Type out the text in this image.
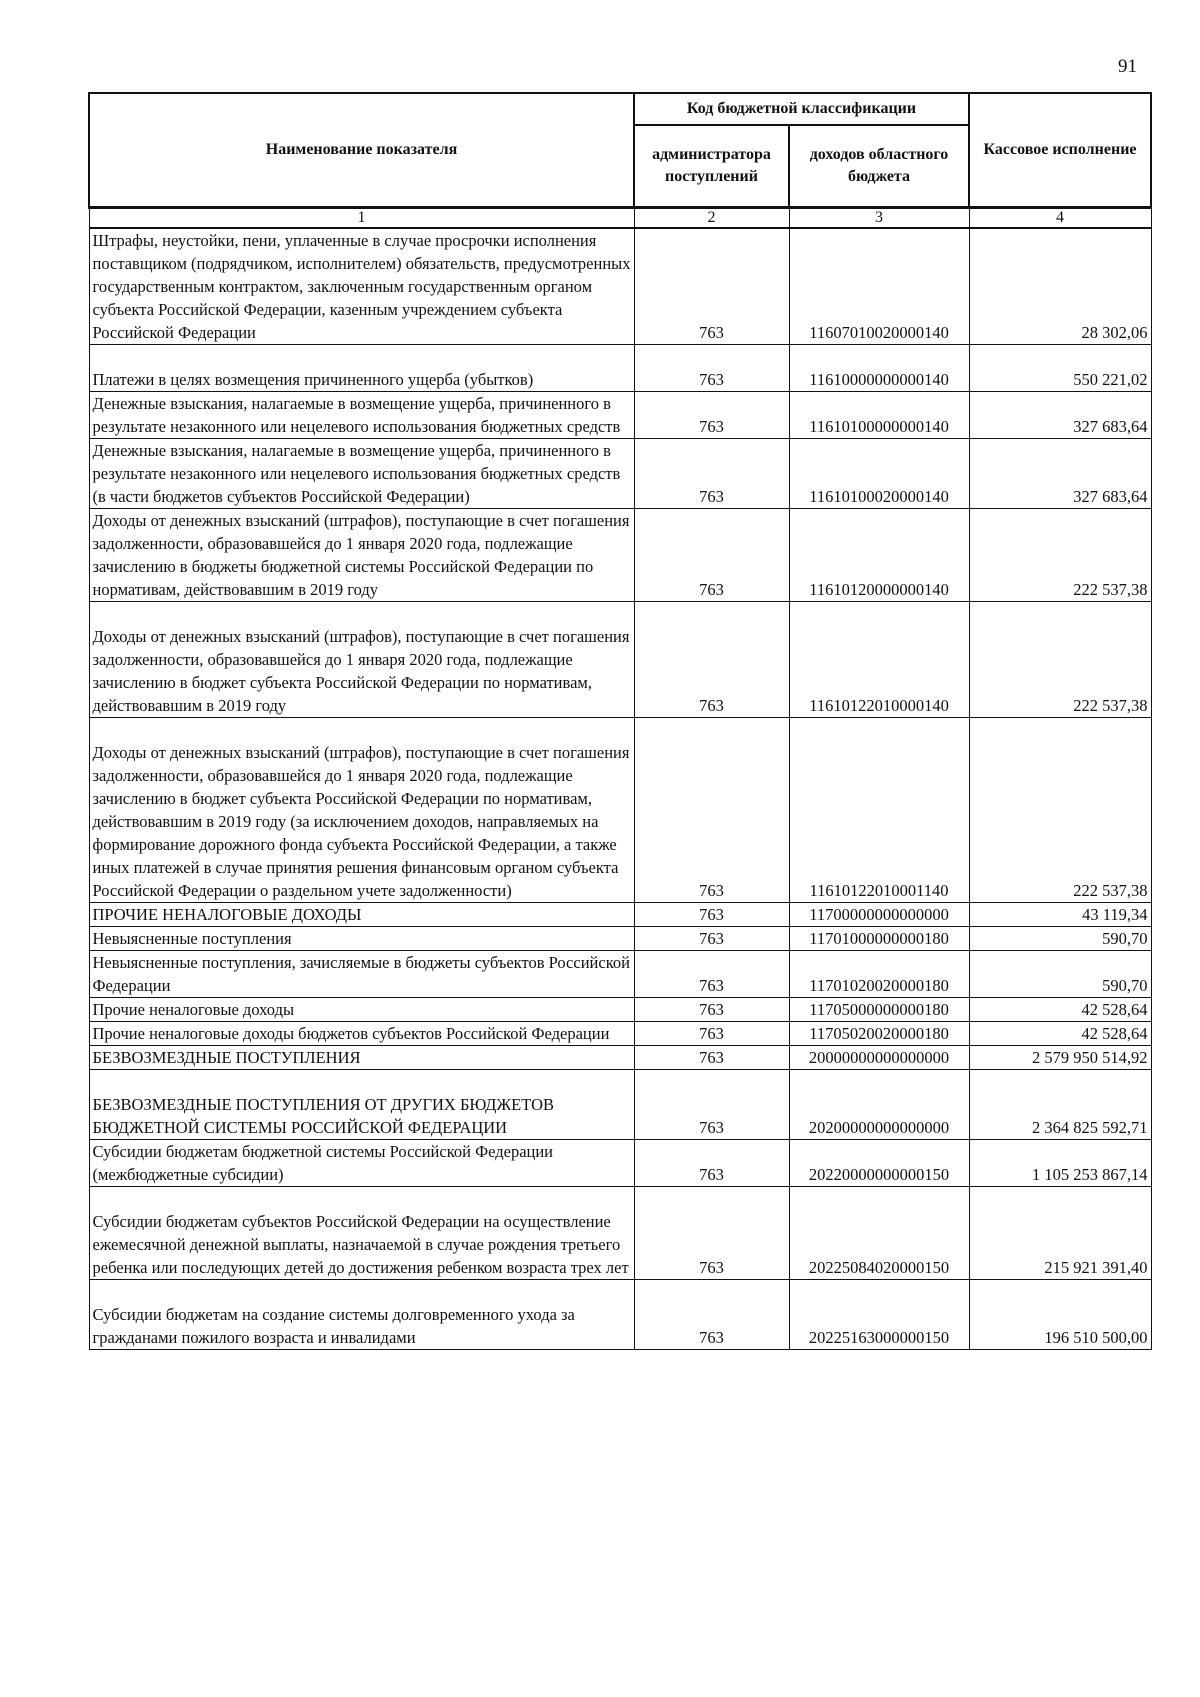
91
Наименование показателя	Код бюджетной классификации		Кассовое исполнение
	администратора поступлений	доходов областного бюджета	
1	2	3	4
Штрафы, неустойки, пени, уплаченные в случае просрочки исполнения поставщиком (подрядчиком, исполнителем) обязательств, предусмотренных государственным контрактом, заключенным государственным органом субъекта Российской Федерации, казенным учреждением субъекта Российской Федерации	763	11607010020000140	28 302,06
Платежи в целях возмещения причиненного ущерба (убытков)	763	11610000000000140	550 221,02
Денежные взыскания, налагаемые в возмещение ущерба, причиненного в результате незаконного или нецелевого использования бюджетных средств	763	11610100000000140	327 683,64
Денежные взыскания, налагаемые в возмещение ущерба, причиненного в результате незаконного или нецелевого использования бюджетных средств (в части бюджетов субъектов Российской Федерации)	763	11610100020000140	327 683,64
Доходы от денежных взысканий (штрафов), поступающие в счет погашения задолженности, образовавшейся до 1 января 2020 года, подлежащие зачислению в бюджеты бюджетной системы Российской Федерации по нормативам, действовавшим в 2019 году	763	11610120000000140	222 537,38
Доходы от денежных взысканий (штрафов), поступающие в счет погашения задолженности, образовавшейся до 1 января 2020 года, подлежащие зачислению в бюджет субъекта Российской Федерации по нормативам, действовавшим в 2019 году	763	11610122010000140	222 537,38
Доходы от денежных взысканий (штрафов), поступающие в счет погашения задолженности, образовавшейся до 1 января 2020 года, подлежащие зачислению в бюджет субъекта Российской Федерации по нормативам, действовавшим в 2019 году (за исключением доходов, направляемых на формирование дорожного фонда субъекта Российской Федерации, а также иных платежей в случае принятия решения финансовым органом субъекта Российской Федерации о раздельном учете задолженности)	763	11610122010001140	222 537,38
ПРОЧИЕ НЕНАЛОГОВЫЕ ДОХОДЫ	763	11700000000000000	43 119,34
Невыясненные поступления	763	11701000000000180	590,70
Невыясненные поступления, зачисляемые в бюджеты субъектов Российской Федерации	763	11701020020000180	590,70
Прочие неналоговые доходы	763	11705000000000180	42 528,64
Прочие неналоговые доходы бюджетов субъектов Российской Федерации	763	11705020020000180	42 528,64
БЕЗВОЗМЕЗДНЫЕ ПОСТУПЛЕНИЯ	763	20000000000000000	2 579 950 514,92
БЕЗВОЗМЕЗДНЫЕ ПОСТУПЛЕНИЯ ОТ ДРУГИХ БЮДЖЕТОВ БЮДЖЕТНОЙ СИСТЕМЫ РОССИЙСКОЙ ФЕДЕРАЦИИ	763	20200000000000000	2 364 825 592,71
Субсидии бюджетам бюджетной системы Российской Федерации (межбюджетные субсидии)	763	20220000000000150	1 105 253 867,14
Субсидии бюджетам субъектов Российской Федерации на осуществление ежемесячной денежной выплаты, назначаемой в случае рождения третьего ребенка или последующих детей до достижения ребенком возраста трех лет	763	20225084020000150	215 921 391,40
Субсидии бюджетам на создание системы долговременного ухода за гражданами пожилого возраста и инвалидами	763	20225163000000150	196 510 500,00
